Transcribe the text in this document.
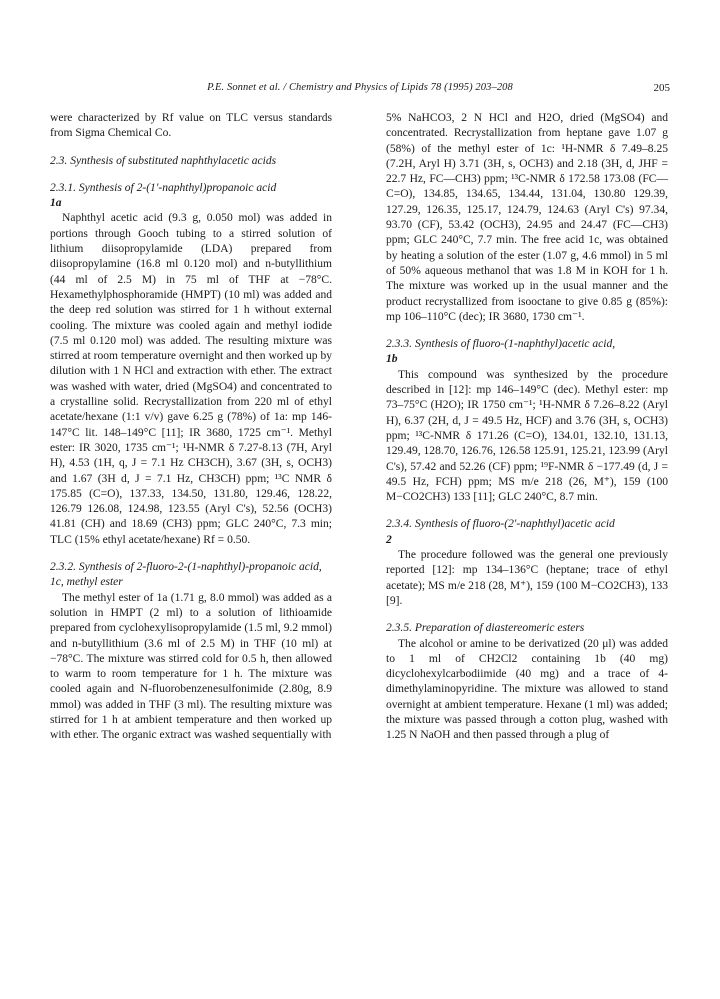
P.E. Sonnet et al. / Chemistry and Physics of Lipids 78 (1995) 203–208	205

were characterized by Rf value on TLC versus standards from Sigma Chemical Co.

2.3. Synthesis of substituted naphthylacetic acids

2.3.1. Synthesis of 2-(1′-naphthyl)propanoic acid
1a

Naphthyl acetic acid (9.3 g, 0.050 mol) was added in portions through Gooch tubing to a stirred solution of lithium diisopropylamide (LDA) prepared from diisopropylamine (16.8 ml 0.120 mol) and n-butyllithium (44 ml of 2.5 M) in 75 ml of THF at −78°C. Hexamethylphosphoramide (HMPT) (10 ml) was added and the deep red solution was stirred for 1 h without external cooling. The mixture was cooled again and methyl iodide (7.5 ml 0.120 mol) was added. The resulting mixture was stirred at room temperature overnight and then worked up by dilution with 1 N HCl and extraction with ether. The extract was washed with water, dried (MgSO4) and concentrated to a crystalline solid. Recrystallization from 220 ml of ethyl acetate/hexane (1:1 v/v) gave 6.25 g (78%) of 1a: mp 146-147°C lit. 148–149°C [11]; IR 3680, 1725 cm⁻¹. Methyl ester: IR 3020, 1735 cm⁻¹; ¹H-NMR δ 7.27-8.13 (7H, Aryl H), 4.53 (1H, q, J = 7.1 Hz CH3CH), 3.67 (3H, s, OCH3) and 1.67 (3H d, J = 7.1 Hz, CH3CH) ppm; ¹³C NMR δ 175.85 (C=O), 137.33, 134.50, 131.80, 129.46, 128.22, 126.79 126.08, 124.98, 123.55 (Aryl C's), 52.56 (OCH3) 41.81 (CH) and 18.69 (CH3) ppm; GLC 240°C, 7.3 min; TLC (15% ethyl acetate/hexane) Rf = 0.50.

2.3.2. Synthesis of 2-fluoro-2-(1-naphthyl)-propanoic acid, 1c, methyl ester

The methyl ester of 1a (1.71 g, 8.0 mmol) was added as a solution in HMPT (2 ml) to a solution of lithioamide prepared from cyclohexylisopropylamide (1.5 ml, 9.2 mmol) and n-butyllithium (3.6 ml of 2.5 M) in THF (10 ml) at −78°C. The mixture was stirred cold for 0.5 h, then allowed to warm to room temperature for 1 h. The mixture was cooled again and N-fluorobenzenesulfonimide (2.80g, 8.9 mmol) was added in THF (3 ml). The resulting mixture was stirred for 1 h at ambient temperature and then worked up with ether. The organic extract was washed sequentially with

5% NaHCO3, 2 N HCl and H2O, dried (MgSO4) and concentrated. Recrystallization from heptane gave 1.07 g (58%) of the methyl ester of 1c: ¹H-NMR δ 7.49–8.25 (7.2H, Aryl H) 3.71 (3H, s, OCH3) and 2.18 (3H, d, JHF = 22.7 Hz, FC—CH3) ppm; ¹³C-NMR δ 172.58 173.08 (FC—C=O), 134.85, 134.65, 134.44, 131.04, 130.80 129.39, 127.29, 126.35, 125.17, 124.79, 124.63 (Aryl C's) 97.34, 93.70 (CF), 53.42 (OCH3), 24.95 and 24.47 (FC—CH3) ppm; GLC 240°C, 7.7 min. The free acid 1c, was obtained by heating a solution of the ester (1.07 g, 4.6 mmol) in 5 ml of 50% aqueous methanol that was 1.8 M in KOH for 1 h. The mixture was worked up in the usual manner and the product recrystallized from isooctane to give 0.85 g (85%): mp 106–110°C (dec); IR 3680, 1730 cm⁻¹.

2.3.3. Synthesis of fluoro-(1-naphthyl)acetic acid,
1b

This compound was synthesized by the procedure described in [12]: mp 146–149°C (dec). Methyl ester: mp 73–75°C (H2O); IR 1750 cm⁻¹; ¹H-NMR δ 7.26–8.22 (Aryl H), 6.37 (2H, d, J = 49.5 Hz, HCF) and 3.76 (3H, s, OCH3) ppm; ¹³C-NMR δ 171.26 (C=O), 134.01, 132.10, 131.13, 129.49, 128.70, 126.76, 126.58 125.91, 125.21, 123.99 (Aryl C's), 57.42 and 52.26 (CF) ppm; ¹⁹F-NMR δ −177.49 (d, J = 49.5 Hz, FCH) ppm; MS m/e 218 (26, M⁺), 159 (100 M−CO2CH3) 133 [11]; GLC 240°C, 8.7 min.

2.3.4. Synthesis of fluoro-(2′-naphthyl)acetic acid
2

The procedure followed was the general one previously reported [12]: mp 134–136°C (heptane; trace of ethyl acetate); MS m/e 218 (28, M⁺), 159 (100 M−CO2CH3), 133 [9].

2.3.5. Preparation of diastereomeric esters

The alcohol or amine to be derivatized (20 μl) was added to 1 ml of CH2Cl2 containing 1b (40 mg) dicyclohexylcarbodiimide (40 mg) and a trace of 4-dimethylaminopyridine. The mixture was allowed to stand overnight at ambient temperature. Hexane (1 ml) was added; the mixture was passed through a cotton plug, washed with 1.25 N NaOH and then passed through a plug of
